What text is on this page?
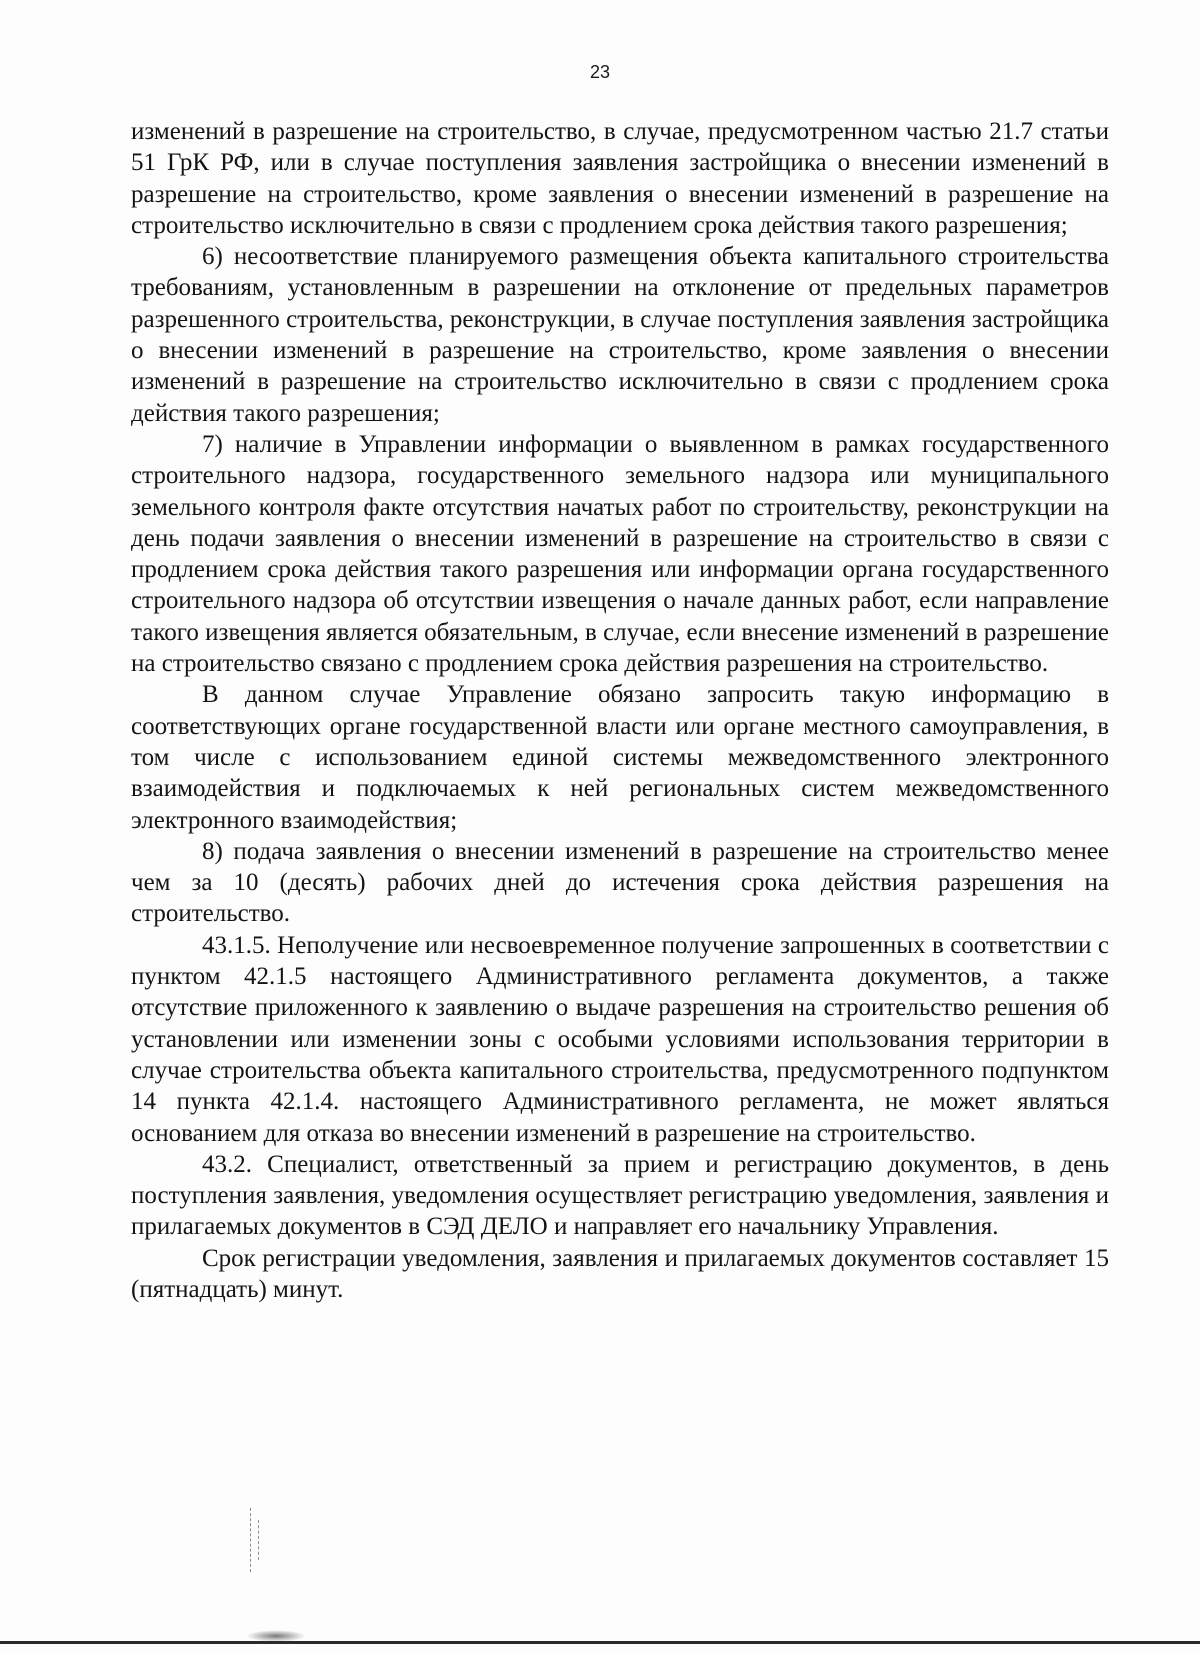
23

изменений в разрешение на строительство, в случае, предусмотренном частью 21.7 статьи 51 ГрК РФ, или в случае поступления заявления застройщика о внесении изменений в разрешение на строительство, кроме заявления о внесении изменений в разрешение на строительство исключительно в связи с продлением срока действия такого разрешения;

6) несоответствие планируемого размещения объекта капитального строительства требованиям, установленным в разрешении на отклонение от предельных параметров разрешенного строительства, реконструкции, в случае поступления заявления застройщика о внесении изменений в разрешение на строительство, кроме заявления о внесении изменений в разрешение на строительство исключительно в связи с продлением срока действия такого разрешения;

7) наличие в Управлении информации о выявленном в рамках государственного строительного надзора, государственного земельного надзора или муниципального земельного контроля факте отсутствия начатых работ по строительству, реконструкции на день подачи заявления о внесении изменений в разрешение на строительство в связи с продлением срока действия такого разрешения или информации органа государственного строительного надзора об отсутствии извещения о начале данных работ, если направление такого извещения является обязательным, в случае, если внесение изменений в разрешение на строительство связано с продлением срока действия разрешения на строительство.

В данном случае Управление обязано запросить такую информацию в соответствующих органе государственной власти или органе местного самоуправления, в том числе с использованием единой системы межведомственного электронного взаимодействия и подключаемых к ней региональных систем межведомственного электронного взаимодействия;

8) подача заявления о внесении изменений в разрешение на строительство менее чем за 10 (десять) рабочих дней до истечения срока действия разрешения на строительство.

43.1.5. Неполучение или несвоевременное получение запрошенных в соответствии с пунктом 42.1.5 настоящего Административного регламента документов, а также отсутствие приложенного к заявлению о выдаче разрешения на строительство решения об установлении или изменении зоны с особыми условиями использования территории в случае строительства объекта капитального строительства, предусмотренного подпунктом 14 пункта 42.1.4. настоящего Административного регламента, не может являться основанием для отказа во внесении изменений в разрешение на строительство.

43.2. Специалист, ответственный за прием и регистрацию документов, в день поступления заявления, уведомления осуществляет регистрацию уведомления, заявления и прилагаемых документов в СЭД ДЕЛО и направляет его начальнику Управления.

Срок регистрации уведомления, заявления и прилагаемых документов составляет 15 (пятнадцать) минут.
